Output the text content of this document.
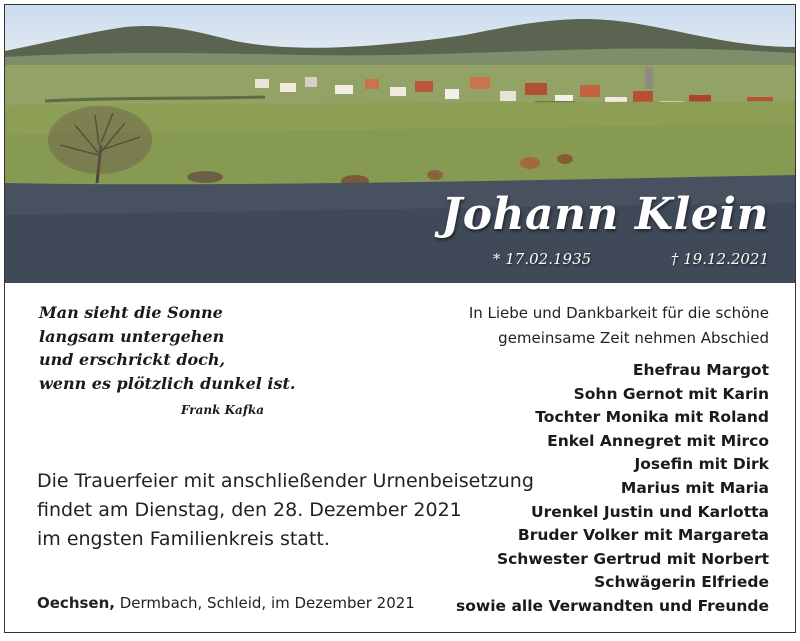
Johann Klein
* 17.02.1935	† 19.12.2021
Man sieht die Sonne
langsam untergehen
und erschrickt doch,
wenn es plötzlich dunkel ist.
Frank Kafka
Die Trauerfeier mit anschließender Urnenbeisetzung
findet am Dienstag, den 28. Dezember 2021
im engsten Familienkreis statt.
Oechsen, Dermbach, Schleid, im Dezember 2021
In Liebe und Dankbarkeit für die schöne
gemeinsame Zeit nehmen Abschied
Ehefrau Margot
Sohn Gernot mit Karin
Tochter Monika mit Roland
Enkel Annegret mit Mirco
Josefin mit Dirk
Marius mit Maria
Urenkel Justin und Karlotta
Bruder Volker mit Margareta
Schwester Gertrud mit Norbert
Schwägerin Elfriede
sowie alle Verwandten und Freunde
